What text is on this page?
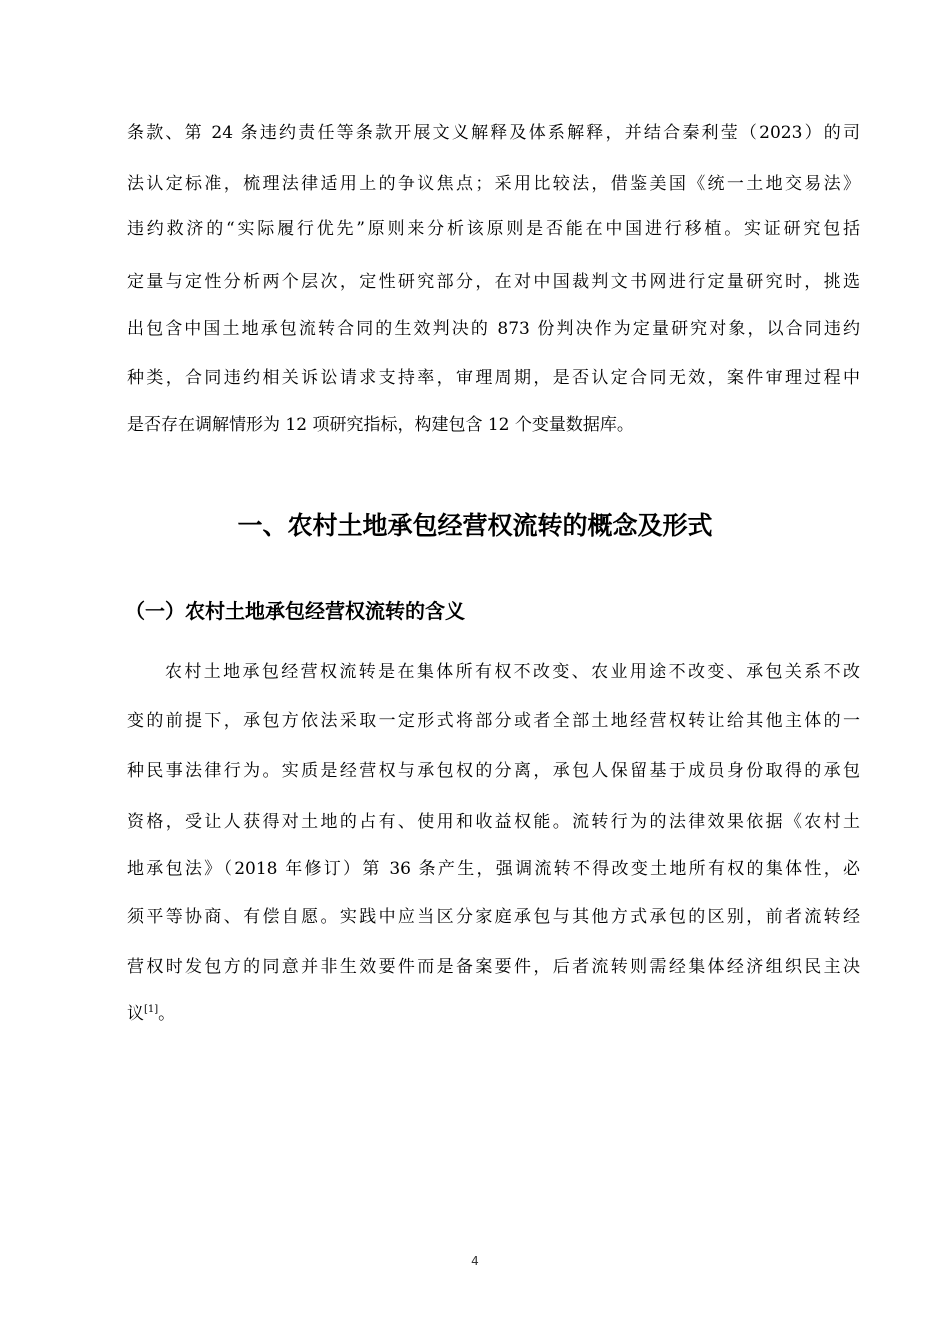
条款、第 24 条违约责任等条款开展文义解释及体系解释，并结合秦利莹（2023）的司
法认定标准，梳理法律适用上的争议焦点；采用比较法，借鉴美国《统一土地交易法》
违约救济的“实际履行优先”原则来分析该原则是否能在中国进行移植。实证研究包括
定量与定性分析两个层次，定性研究部分，在对中国裁判文书网进行定量研究时，挑选
出包含中国土地承包流转合同的生效判决的 873 份判决作为定量研究对象，以合同违约
种类，合同违约相关诉讼请求支持率，审理周期，是否认定合同无效，案件审理过程中
是否存在调解情形为 12 项研究指标，构建包含 12 个变量数据库。
一、农村土地承包经营权流转的概念及形式
（一）农村土地承包经营权流转的含义
农村土地承包经营权流转是在集体所有权不改变、农业用途不改变、承包关系不改
变的前提下，承包方依法采取一定形式将部分或者全部土地经营权转让给其他主体的一
种民事法律行为。实质是经营权与承包权的分离，承包人保留基于成员身份取得的承包
资格，受让人获得对土地的占有、使用和收益权能。流转行为的法律效果依据《农村土
地承包法》（2018 年修订）第 36 条产生，强调流转不得改变土地所有权的集体性，必
须平等协商、有偿自愿。实践中应当区分家庭承包与其他方式承包的区别，前者流转经
营权时发包方的同意并非生效要件而是备案要件，后者流转则需经集体经济组织民主决
议[1]。
4
